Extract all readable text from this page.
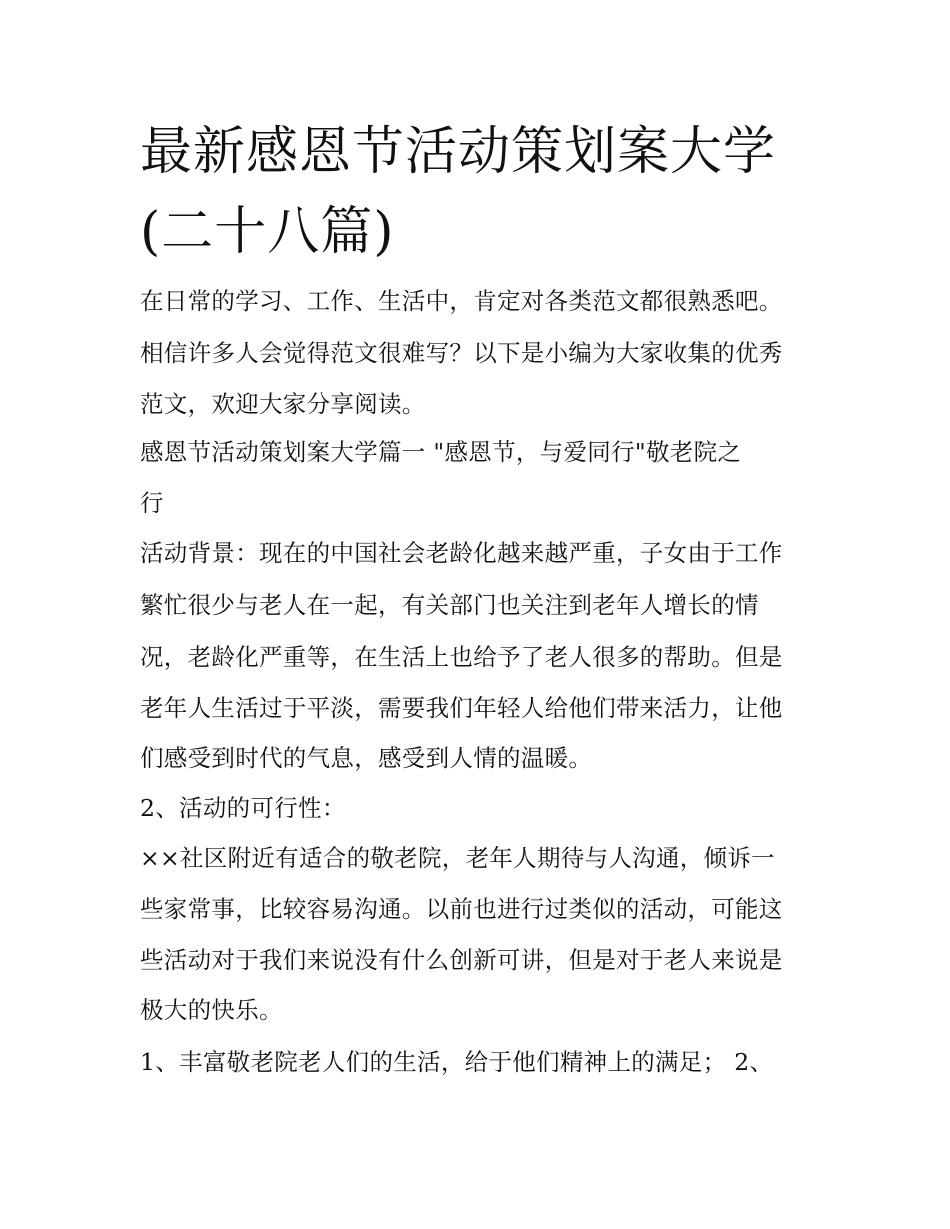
最新感恩节活动策划案大学(二十八篇)

在日常的学习、工作、生活中，肯定对各类范文都很熟悉吧。

相信许多人会觉得范文很难写？以下是小编为大家收集的优秀

范文，欢迎大家分享阅读。

感恩节活动策划案大学篇一 "感恩节，与爱同行"敬老院之

行

活动背景：现在的中国社会老龄化越来越严重，子女由于工作

繁忙很少与老人在一起，有关部门也关注到老年人增长的情

况，老龄化严重等，在生活上也给予了老人很多的帮助。但是

老年人生活过于平淡，需要我们年轻人给他们带来活力，让他

们感受到时代的气息，感受到人情的温暖。

2、活动的可行性：

××社区附近有适合的敬老院，老年人期待与人沟通，倾诉一

些家常事，比较容易沟通。以前也进行过类似的活动，可能这

些活动对于我们来说没有什么创新可讲，但是对于老人来说是

极大的快乐。

1、丰富敬老院老人们的生活，给于他们精神上的满足； 2、
